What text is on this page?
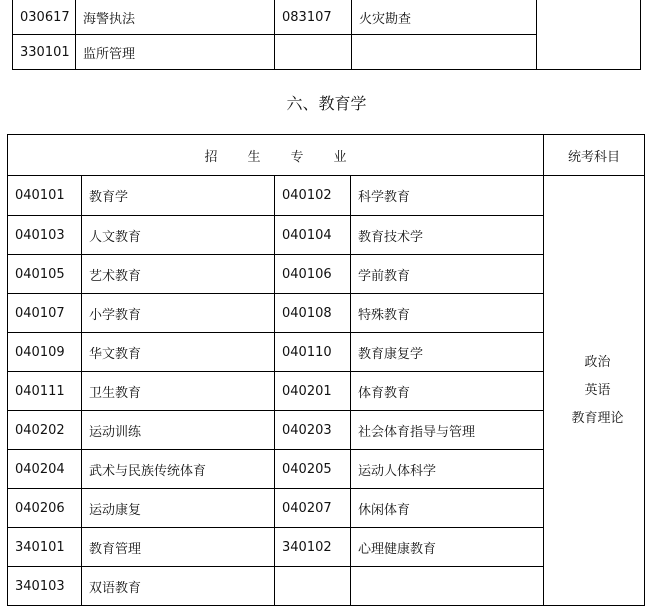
030617	海警执法	083107	火灾勘查	
330101	监所管理			
六、教育学
招生专业				统考科目
040101	教育学	040102	科学教育	政治
英语
教育理论

040103	人文教育	040104	教育技术学	
040105	艺术教育	040106	学前教育	
040107	小学教育	040108	特殊教育	
040109	华文教育	040110	教育康复学	
040111	卫生教育	040201	体育教育	
040202	运动训练	040203	社会体育指导与管理	
040204	武术与民族传统体育	040205	运动人体科学	
040206	运动康复	040207	休闲体育	
340101	教育管理	340102	心理健康教育	
340103	双语教育			
